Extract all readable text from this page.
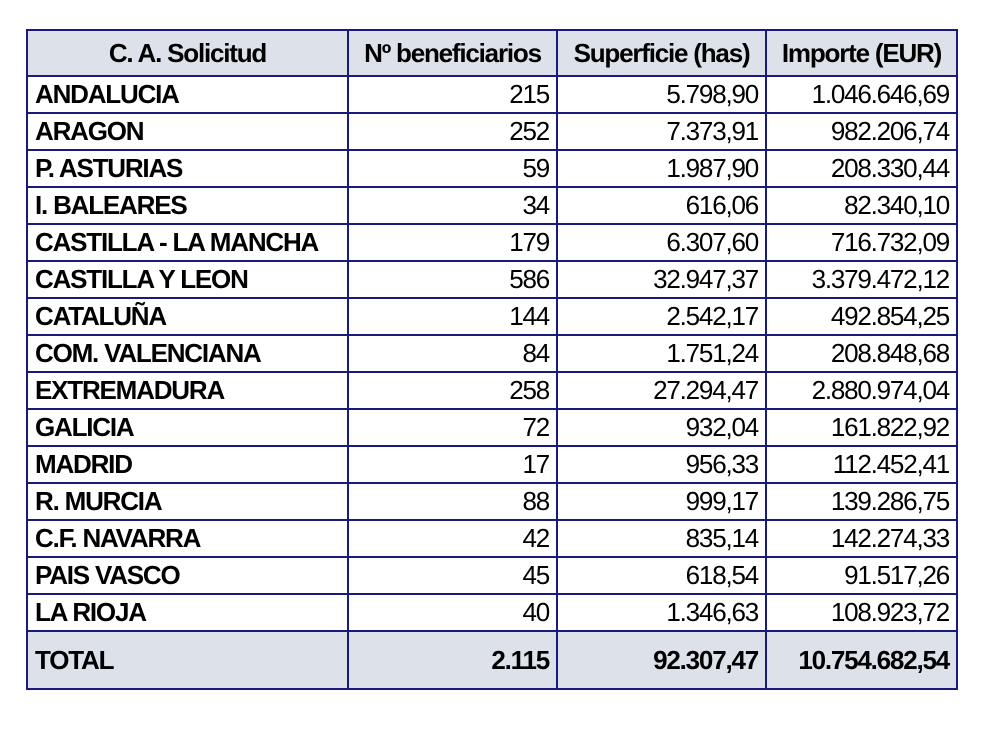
C. A. Solicitud	Nº beneficiarios	Superficie (has)	Importe (EUR)
ANDALUCIA	215	5.798,90	1.046.646,69
ARAGON	252	7.373,91	982.206,74
P. ASTURIAS	59	1.987,90	208.330,44
I. BALEARES	34	616,06	82.340,10
CASTILLA - LA MANCHA	179	6.307,60	716.732,09
CASTILLA Y LEON	586	32.947,37	3.379.472,12
CATALUÑA	144	2.542,17	492.854,25
COM. VALENCIANA	84	1.751,24	208.848,68
EXTREMADURA	258	27.294,47	2.880.974,04
GALICIA	72	932,04	161.822,92
MADRID	17	956,33	112.452,41
R. MURCIA	88	999,17	139.286,75
C.F. NAVARRA	42	835,14	142.274,33
PAIS VASCO	45	618,54	91.517,26
LA RIOJA	40	1.346,63	108.923,72
TOTAL	2.115	92.307,47	10.754.682,54
